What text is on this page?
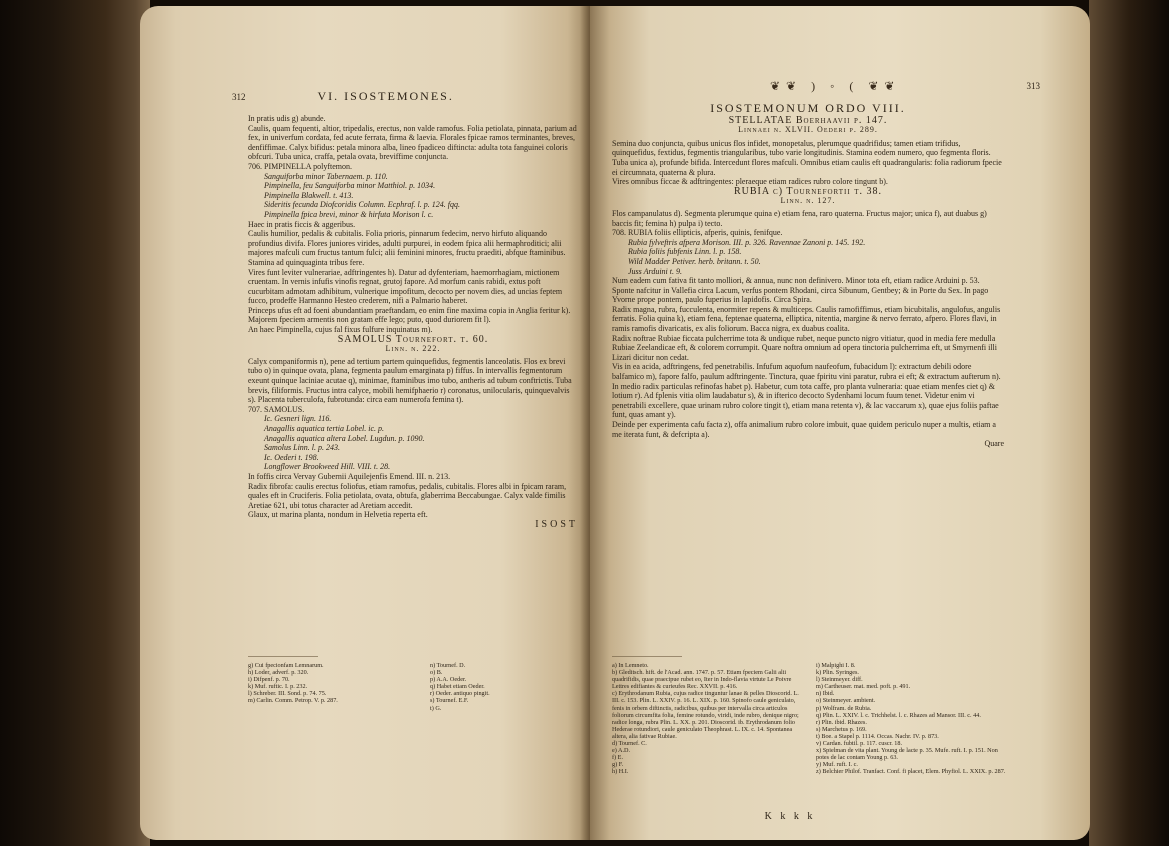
312	VI. ISOSTEMONES.

In pratis udis g) abunde.

Caulis, quam fequenti, altior, tripedalis, erectus, non valde ramofus. Folia petiolata, pinnata, parium ad fex, in univerfum cordata, fed acute ferrata, firma & laevia. Florales fpicae ramos terminantes, breves, denfiffimae. Calyx bifidus: petala minora alba, lineo fpadiceo diftincta: adulta tota fanguinei coloris obfcuri. Tuba unica, craffa, petala ovata, breviffime conjuncta.

706. PIMPINELLA polyftemon.

Sanguiforba minor Tabernaem. p. 110.

Pimpinella, feu Sanguiforba minor Matthiol. p. 1034.

Pimpinella Blakwell. t. 413.

Sideritis fecunda Diofcoridis Column. Ecphraf. l. p. 124. fqq.

Pimpinella fpica brevi, minor & hirfuta Morison l. c.

Haec in pratis ficcis & aggeribus.

Caulis humilior, pedalis & cubitalis. Folia prioris, pinnarum fedecim, nervo hirfuto aliquando profundius divifa. Flores juniores virides, adulti purpurei, in eodem fpica alii hermaphroditici; alii majores mafculi cum fructus tantum fulci; alii feminini minores, fructu praediti, abfque ftaminibus. Stamina ad quinquaginta tribus fere.

Vires funt leviter vulnerariae, adftringentes h). Datur ad dyfenteriam, haemorrhagiam, mictionem cruentam. In vernis infufis vinofis regnat, grutoj fapore. Ad morfum canis rabidi, extus poft cucurbitam admotam adhibitum, vulnerique impofitum, decocto per novem dies, ad uncias feptem fucco, prodeffe Harmanno Hesteo crederem, nifi a Palmario haberet.

Princeps ufus eft ad foeni abundantiam praeftandam, eo enim fine maxima copia in Anglia feritur k). Majorem fpeciem armentis non gratam effe lego; puto, quod duriorem fit l).

An haec Pimpinella, cujus fal fixus fulfure inquinatus m).

SAMOLUS Tournefort. t. 60.

Linn. n. 222.

Calyx companiformis n), pene ad tertium partem quinquefidus, fegmentis lanceolatis. Flos ex brevi tubo o) in quinque ovata, plana, fegmenta paulum emarginata p) fiffus. In intervallis fegmentorum exeunt quinque laciniae acutae q), minimae, ftaminibus imo tubo, antheris ad tubum conftrictis. Tuba brevis, filiformis. Fructus intra calyce, mobili hemifphaerio r) coronatus, unilocularis, quinquevalvis s). Placenta tuberculofa, fubrotunda: circa eam numerofa femina t).

707. SAMOLUS.

Ic. Gesneri lign. 116.

Anagallis aquatica tertia Lobel. ic. p.

Anagallis aquatica altera Lobel. Lugdun. p. 1090.

Samolus Linn. l. p. 243.

Ic. Oederi t. 198.

Longflower Brookweed Hill. VIII. t. 28.

In foffis circa Vervay Gubernii Aquilejenfis Emend. III. n. 213.

Radix fibrofa: caulis erectus foliofus, etiam ramofus, pedalis, cubitalis. Flores albi in fpicam raram, quales eft in Cruciferis. Folia petiolata, ovata, obtufa, glaberrima Beccabungae. Calyx valde fimilis Aretiae 621, ubi totus character ad Aretiam accedit.

Glaux, ut marina planta, nondum in Helvetia reperta eft.

ISOST

g) Cui fpecionfam Lemnarum.

h) Loder, adverf. p. 320.

i) Difpenf. p. 70.

k) Muf. ruftic. I. p. 232.

l) Schreber. III. Sond. p. 74. 75.

m) Carlin. Comm. Petrop. V. p. 287.

n) Tournef. D.

o) B.

p) A.A. Oeder.

q) Habet etiam Oeder.

r) Oeder. antiquo pingit.

s) Tournef. E.F.

t) G.

❦❦ ) ◦ ( ❦❦	313

ISOSTEMONUM ORDO VIII.

STELLATAE Boerhaavii p. 147.

Linnaei n. XLVII. Oederi p. 289.

Semina duo conjuncta, quibus unicus flos infidet, monopetalus, plerumque quadrifidus; tamen etiam trifidus, quinquefidus, fextidus, fegmentis triangularibus, tubo varie longitudinis. Stamina eodem numero, quo fegmenta floris. Tuba unica a), profunde bifida. Intercedunt flores mafculi. Omnibus etiam caulis eft quadrangularis: folia radiorum fpecie ei circumnata, quaterna & plura.

Vires omnibus ficcae & adftringentes: pleraeque etiam radices rubro colore tingunt b).

RUBIA c) Tournefortii t. 38.

Linn. n. 127.

Flos campanulatus d). Segmenta plerumque quina e) etiam fena, raro quaterna. Fructus major; unica f), aut duabus g) baccis fit; femina h) pulpa i) tecto.

708. RUBIA foliis ellipticis, afperis, quinis, fenifque.

Rubia fylveftris afpera Morison. III. p. 326. Ravennae Zanoni p. 145. 192.

Rubia foliis fubfenis Linn. l. p. 158.

Wild Madder Petiver. herb. britann. t. 50.

Juss Arduini t. 9.

Num eadem cum fativa fit tanto molliori, & annua, nunc non definivero. Minor tota eft, etiam radice Arduini p. 53.

Sponte nafcitur in Vallefia circa Lacum, verfus pontem Rhodani, circa Sibunum, Gentbey; & in Porte du Sex. In pago Yvorne prope pontem, paulo fuperius in lapidofis. Circa Spira.

Radix magna, rubra, fucculenta, enormiter repens & multiceps. Caulis ramofiffimus, etiam bicubitalis, angulofus, angulis ferratis. Folia quina k), etiam fena, feptenae quaterna, elliptica, nitentia, margine & nervo ferrato, afpero. Flores flavi, in ramis ramofis divaricatis, ex alis foliorum. Bacca nigra, ex duabus coalita.

Radix noftrae Rubiae ficcata pulcherrime tota & undique rubet, neque puncto nigro vitiatur, quod in media fere medulla Rubiae Zeelandicae eft, & colorem corrumpit. Quare noftra omnium ad opera tinctoria pulcherrima eft, ut Smyrnenfi illi Lizari dicitur non cedat.

Vis in ea acida, adftringens, fed penetrabilis. Infufum aquofum naufeofum, fubacidum l): extractum debili odore balfamico m), fapore falfo, paulum adftringente. Tinctura, quae fpiritu vini paratur, rubra ei eft; & extractum aufterum n). In medio radix particulas refinofas habet p). Habetur, cum tota caffe, pro planta vulneraria: quae etiam menfes ciet q) & lotium r). Ad fplenis vitia olim laudabatur s), & in ifterico decocto Sydenhami locum fuum tenet. Videtur enim vi penetrabili excellere, quae urinam rubro colore tingit t), etiam mana retenta v), & lac vaccarum x), quae ejus foliis paftae funt, quas amant y).

Deinde per experimenta cafu facta z), offa animalium rubro colore imbuit, quae quidem periculo nuper a multis, etiam a me iterata funt, & defcripta a).

Quare

a) In Lemneto.

b) Gleditsch. hift. de l'Acad. ann. 1747. p. 57. Etiam fpeciem Galii alii quadrifidis, quae praecipue rubet eo, Iter in Indo-flavia virtute Le Poivre Lettres edifiantes & curieufes Rec. XXVII. p. 416.

c) Erythrodanum Rubia, cujus radice tinguntur lanae & pelles Dioscorid. L. III. c. 153. Plin. L. XXIV. p. 16. L. XIX. p. 160. Spinofo caule geniculato, fenis in orbem diftinctis, radicibus, quibus per intervalla circa articulos foliorum circumfita folia, femine rotundo, viridi, inde rubro, denique nigro; radice longa, rubra Plin. L. XX. p. 201. Dioscorid. ib. Erythrodanum folio Hederae rotundiori, caule geniculato Theophrast. L. IX. c. 14. Spontanea altera, alia fativae Rubiae.

d) Tournef. C.

e) A.D.

f) E.

g) F.

h) H.I.

i) Malpighi I. 8.

k) Plin. Syringes.

l) Steinmeyer. diff.

m) Cartheuser. mat. med. poft. p. 491.

n) Ibid.

o) Steinmeyer. ambient.

p) Wolfram. de Rubia.

q) Plin. L. XXIV. l. c. Trichhelst. l. c. Rhazes ad Mansor. III. c. 44.

r) Plin. ibid. Rhazes.

s) Marchetus p. 169.

t) Boe. a Stapel p. 1114. Occas. Nachr. IV. p. 873.

v) Cardan. fubtil. p. 117. cuscr. 18.

x) Spielman de vita plant. Young de lacte p. 35. Mufe. ruft. I. p. 151. Non potes de lac contam Young p. 63.

y) Muf. ruft. I. c.

z) Belchier Philof. Tranfact. Conf. fi placet, Elem. Phyfiol. L. XXIX. p. 287.

K k k k
